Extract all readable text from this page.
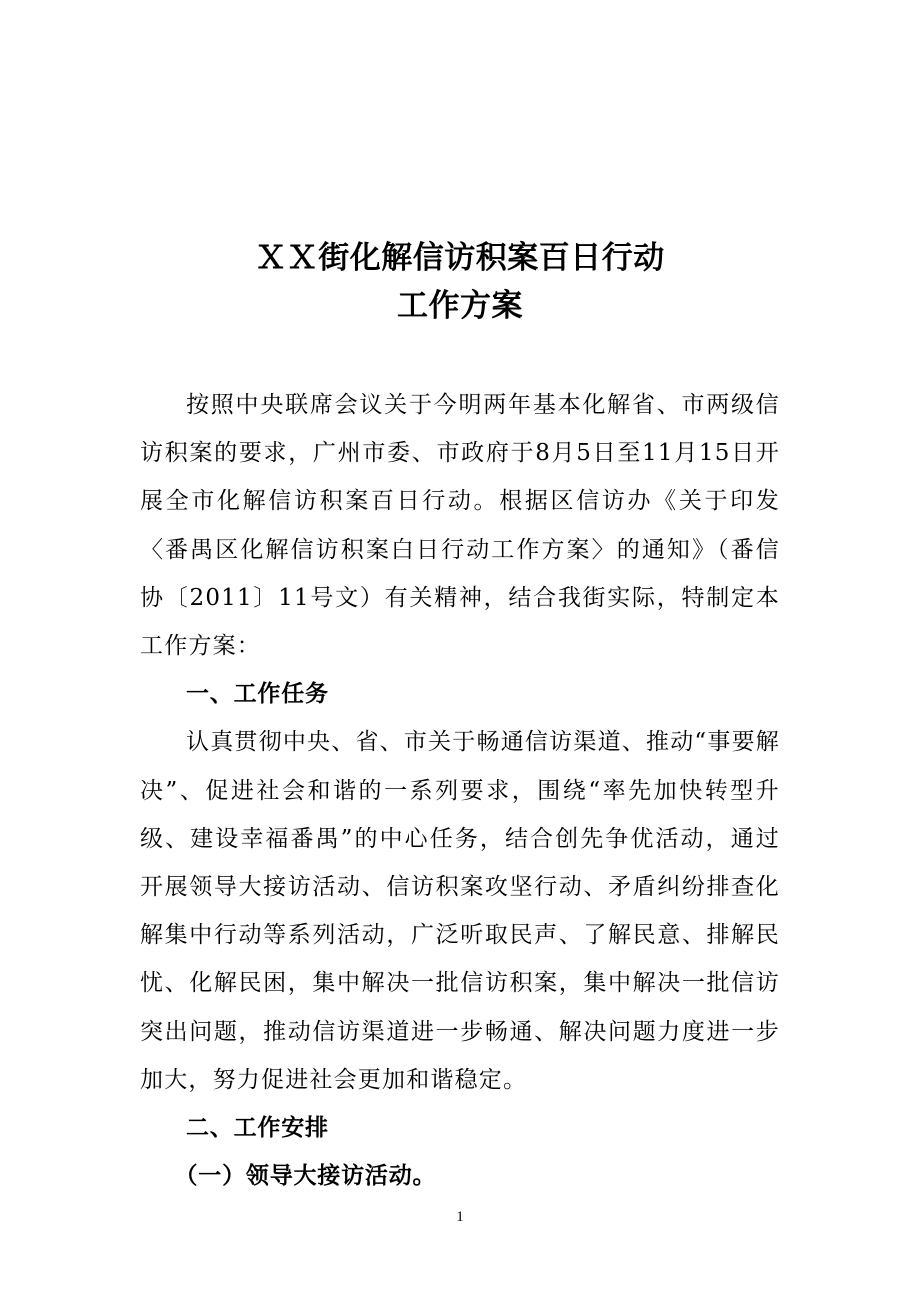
ＸＸ街化解信访积案百日行动
工作方案

按照中央联席会议关于今明两年基本化解省、市两级信访积案的要求，广州市委、市政府于8月5日至11月15日开展全市化解信访积案百日行动。根据区信访办《关于印发〈番禺区化解信访积案白日行动工作方案〉的通知》（番信协〔2011〕11号文）有关精神，结合我街实际，特制定本工作方案：

一、工作任务

认真贯彻中央、省、市关于畅通信访渠道、推动“事要解决”、促进社会和谐的一系列要求，围绕“率先加快转型升级、建设幸福番禺”的中心任务，结合创先争优活动，通过开展领导大接访活动、信访积案攻坚行动、矛盾纠纷排查化解集中行动等系列活动，广泛听取民声、了解民意、排解民忧、化解民困，集中解决一批信访积案，集中解决一批信访突出问题，推动信访渠道进一步畅通、解决问题力度进一步加大，努力促进社会更加和谐稳定。

二、工作安排

（一）领导大接访活动。

1
